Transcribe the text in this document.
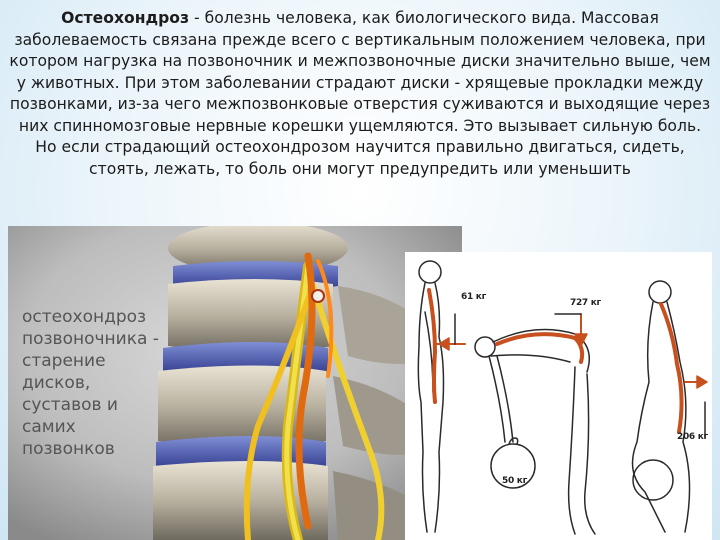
Остеохондроз - болезнь человека, как биологического вида. Массовая заболеваемость связана прежде всего с вертикальным положением человека, при котором нагрузка на позвоночник и межпозвоночные диски значительно выше, чем у животных. При этом заболевании страдают диски - хрящевые прокладки между позвонками, из-за чего межпозвонковые отверстия суживаются и выходящие через них спинномозговые нервные корешки ущемляются. Это вызывает сильную боль. Но если страдающий остеохондрозом научится правильно двигаться, сидеть, стоять, лежать, то боль они могут предупредить или уменьшить
остеохондроз
позвоночника -
старение
дисков,
суставов и
самих
позвонков
61 кг
727 кг
50 кг
206 кг
